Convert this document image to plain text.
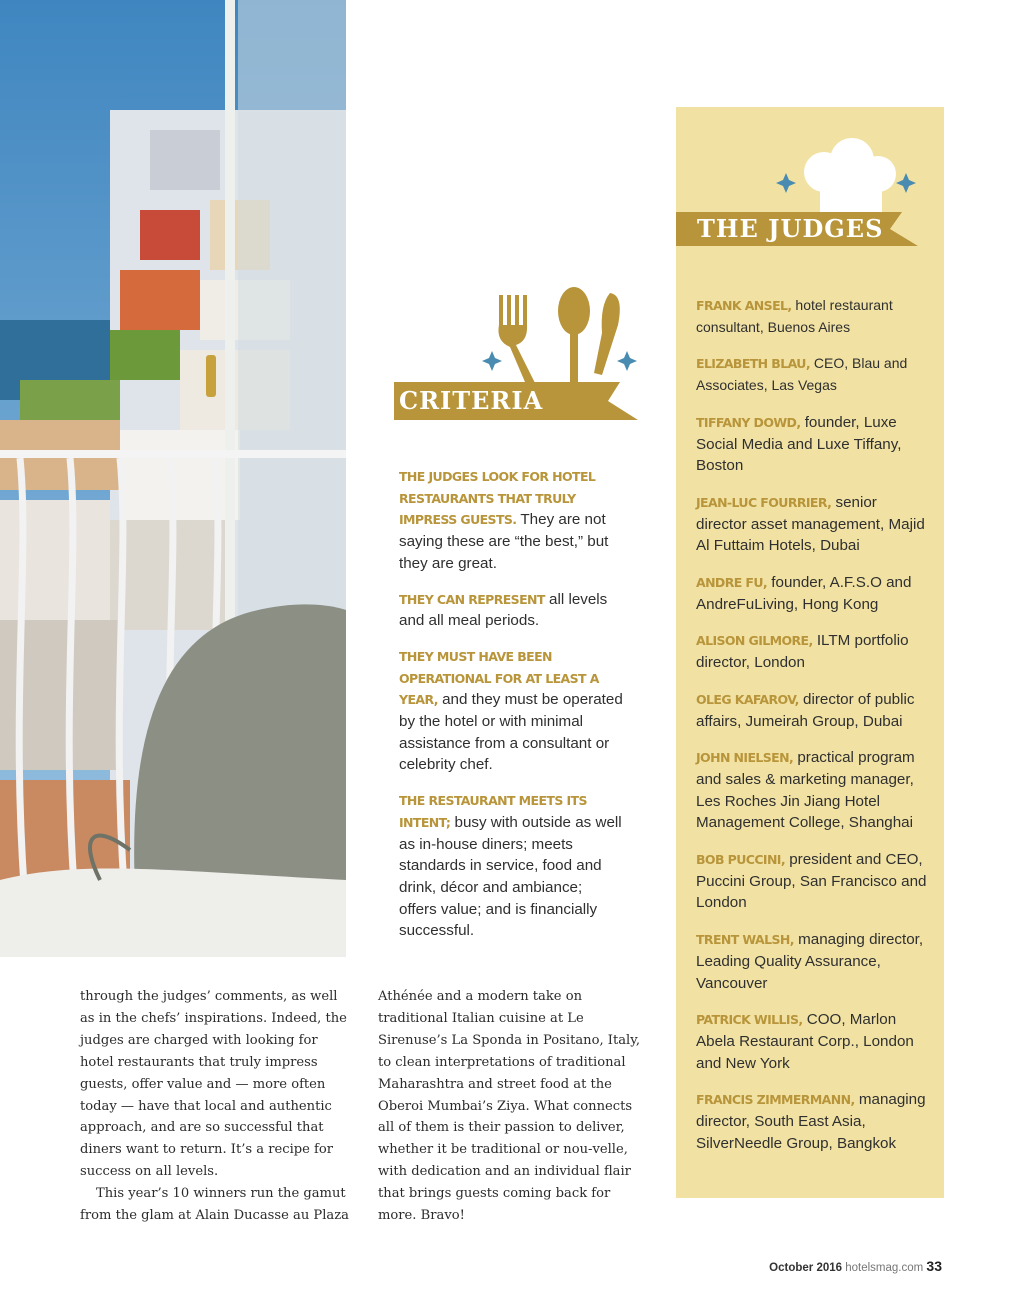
CRITERIA

THE JUDGES LOOK FOR HOTEL RESTAURANTS THAT TRULY IMPRESS GUESTS. They are not saying these are “the best,” but they are great.

THEY CAN REPRESENT all levels and all meal periods.

THEY MUST HAVE BEEN OPERATIONAL FOR AT LEAST A YEAR, and they must be operated by the hotel or with minimal assistance from a consultant or celebrity chef.

THE RESTAURANT MEETS ITS INTENT; busy with outside as well as in-house diners; meets standards in service, food and drink, décor and ambiance; offers value; and is financially successful.

THE JUDGES

FRANK ANSEL, hotel restaurant consultant, Buenos Aires

ELIZABETH BLAU, CEO, Blau and Associates, Las Vegas

TIFFANY DOWD, founder, Luxe Social Media and Luxe Tiffany, Boston

JEAN-LUC FOURRIER, senior director asset management, Majid Al Futtaim Hotels, Dubai

ANDRE FU, founder, A.F.S.O and AndreFuLiving, Hong Kong

ALISON GILMORE, ILTM portfolio director, London

OLEG KAFAROV, director of public affairs, Jumeirah Group, Dubai

JOHN NIELSEN, practical program and sales & marketing manager, Les Roches Jin Jiang Hotel Management College, Shanghai

BOB PUCCINI, president and CEO, Puccini Group, San Francisco and London

TRENT WALSH, managing director, Leading Quality Assurance, Vancouver

PATRICK WILLIS, COO, Marlon Abela Restaurant Corp., London and New York

FRANCIS ZIMMERMANN, managing director, South East Asia, SilverNeedle Group, Bangkok

through the judges’ comments, as well as in the chefs’ inspirations. Indeed, the judges are charged with looking for hotel restaurants that truly impress guests, offer value and — more often today — have that local and authentic approach, and are so successful that diners want to return. It’s a recipe for success on all levels.

This year’s 10 winners run the gamut from the glam at Alain Ducasse au Plaza

Athénée and a modern take on traditional Italian cuisine at Le Sirenuse’s La Sponda in Positano, Italy, to clean interpretations of traditional Maharashtra and street food at the Oberoi Mumbai’s Ziya. What connects all of them is their passion to deliver, whether it be traditional or nou-velle, with dedication and an individual flair that brings guests coming back for more. Bravo!

October 2016 hotelsmag.com 33
